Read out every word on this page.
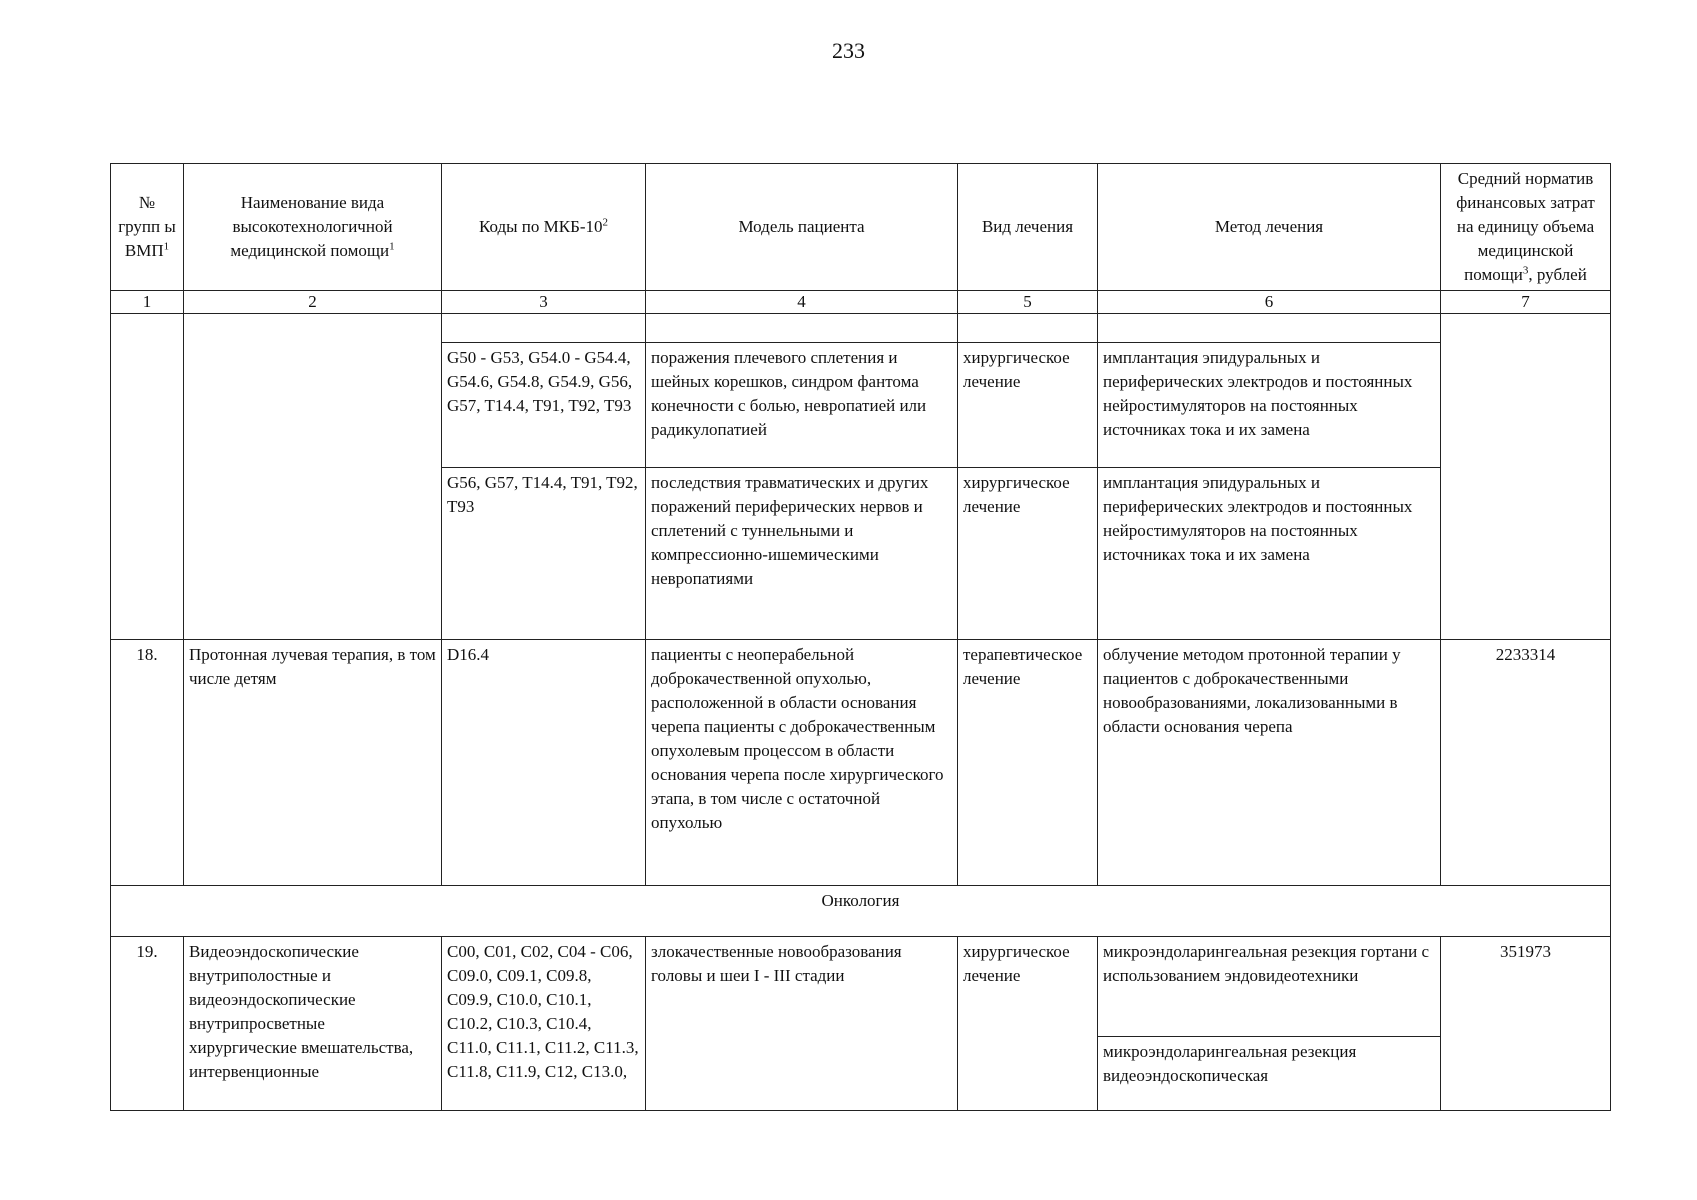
233
№ групп ы ВМП$^1$	Наименование вида высокотехнологичной медицинской помощи$^1$	Коды по МКБ-$10^2$	Модель пациента	Вид лечения	Метод лечения	Средний норматив финансовых затрат на единицу объема медицинской помощи$^3$, рублей
1	2	3	4	5	6	7

		G50 - G53, G54.0 - G54.4, G54.6, G54.8, G54.9, G56, G57, T14.4, T91, T92, T93	поражения плечевого сплетения и шейных корешков, синдром фантома конечности с болью, невропатией или радикулопатией	хирургическое лечение	имплантация эпидуральных и периферических электродов и постоянных нейростимуляторов на постоянных источниках тока и их замена	
		G56, G57, T14.4, T91, T92, T93	последствия травматических и других поражений периферических нервов и сплетений с туннельными и компрессионно-ишемическими невропатиями	хирургическое лечение	имплантация эпидуральных и периферических электродов и постоянных нейростимуляторов на постоянных источниках тока и их замена	
18.	Протонная лучевая терапия, в том числе детям	D16.4	пациенты с неоперабельной доброкачественной опухолью, расположенной в области основания черепа пациенты с доброкачественным опухолевым процессом в области основания черепа после хирургического этапа, в том числе с остаточной опухолью	терапевтическое лечение	облучение методом протонной терапии у пациентов с доброкачественными новообразованиями, локализованными в области основания черепа	2233314
Онкология						
19.	Видеоэндоскопические внутриполостные и видеоэндоскопические внутрипросветные хирургические вмешательства, интервенционные	C00, C01, C02, C04 - C06, C09.0, C09.1, C09.8, C09.9, C10.0, C10.1, C10.2, C10.3, C10.4, C11.0, C11.1, C11.2, C11.3, C11.8, C11.9, C12, C13.0,	злокачественные новообразования головы и шеи I - III стадии	хирургическое лечение	микроэндоларингеальная резекция гортани с использованием эндовидеотехники	351973
					микроэндоларингеальная резекция видеоэндоскопическая	
